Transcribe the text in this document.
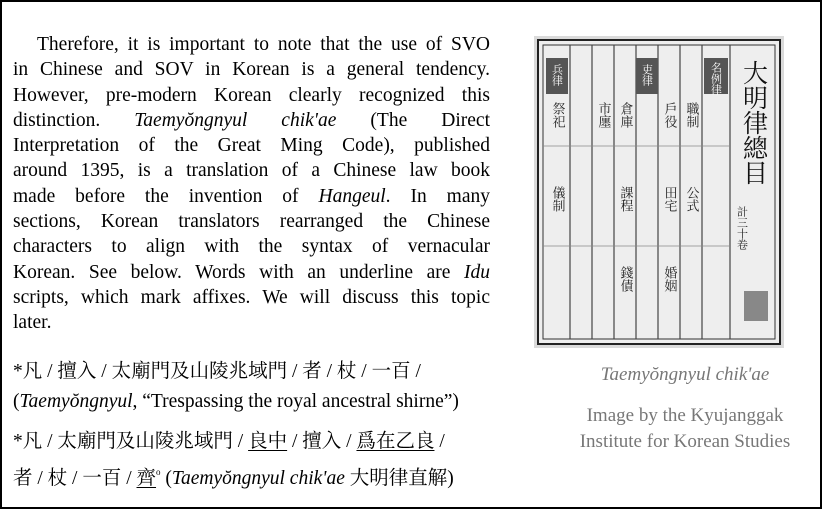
Therefore, it is important to note that the use of SVO
in Chinese and SOV in Korean is a general tendency.
However, pre-modern Korean clearly recognized this
distinction. Taemyŏngnyul chik'ae (The Direct
Interpretation of the Great Ming Code), published
around 1395, is a translation of a Chinese law book
made before the invention of Hangeul. In many
sections, Korean translators rearranged the Chinese
characters to align with the syntax of vernacular
Korean. See below. Words with an underline are Idu
scripts, which mark affixes. We will discuss this topic
later.
*凡 / 擅入 / 太廟門及山陵兆域門 / 者 / 杖 / 一百 /
(Taemyŏngnyul, “Trespassing the royal ancestral shirne”)
*凡 / 太廟門及山陵兆域門 / 良中 / 擅入 / 爲在乙良 /
者 / 杖 / 一百 / 齊$^o$ (Taemyŏngnyul chik'ae 大明律直解)
大明律總目
名例律
吏律
兵律
計三十卷
職制
公式
戶役
田宅
婚姻
倉庫
課程
錢債
市廛
祭祀
儀制
Taemyŏngnyul chik'ae
Image by the Kyujanggak
Institute for Korean Studies
